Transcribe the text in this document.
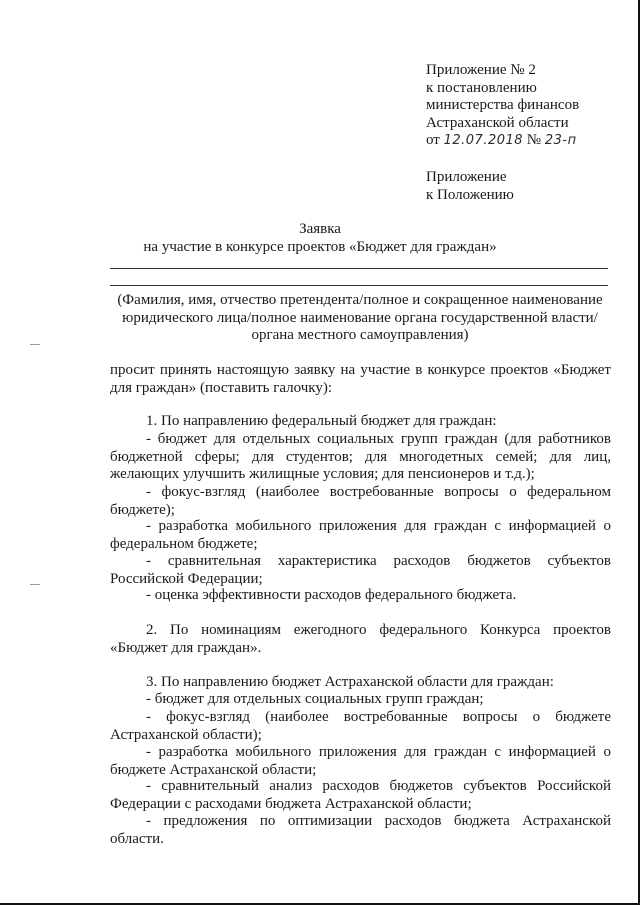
Приложение № 2
к постановлению
министерства финансов
Астраханской области
от 12.07.2018 № 23-п
Приложение
к Положению
Заявка
на участие в конкурсе проектов «Бюджет для граждан»
(Фамилия, имя, отчество претендента/полное и сокращенное наименование
юридического лица/полное наименование органа государственной власти/
органа местного самоуправления)
просит принять настоящую заявку на участие в конкурсе проектов «Бюджет для граждан» (поставить галочку):
1. По направлению федеральный бюджет для граждан:
- бюджет для отдельных социальных групп граждан (для работников бюджетной сферы; для студентов; для многодетных семей; для лиц, желающих улучшить жилищные условия; для пенсионеров и т.д.);
- фокус-взгляд (наиболее востребованные вопросы о федеральном бюджете);
- разработка мобильного приложения для граждан с информацией о федеральном бюджете;
- сравнительная характеристика расходов бюджетов субъектов Российской Федерации;
- оценка эффективности расходов федерального бюджета.
2. По номинациям ежегодного федерального Конкурса проектов «Бюджет для граждан».
3. По направлению бюджет Астраханской области для граждан:
- бюджет для отдельных социальных групп граждан;
- фокус-взгляд (наиболее востребованные вопросы о бюджете Астраханской области);
- разработка мобильного приложения для граждан с информацией о бюджете Астраханской области;
- сравнительный анализ расходов бюджетов субъектов Российской Федерации с расходами бюджета Астраханской области;
- предложения по оптимизации расходов бюджета Астраханской области.
